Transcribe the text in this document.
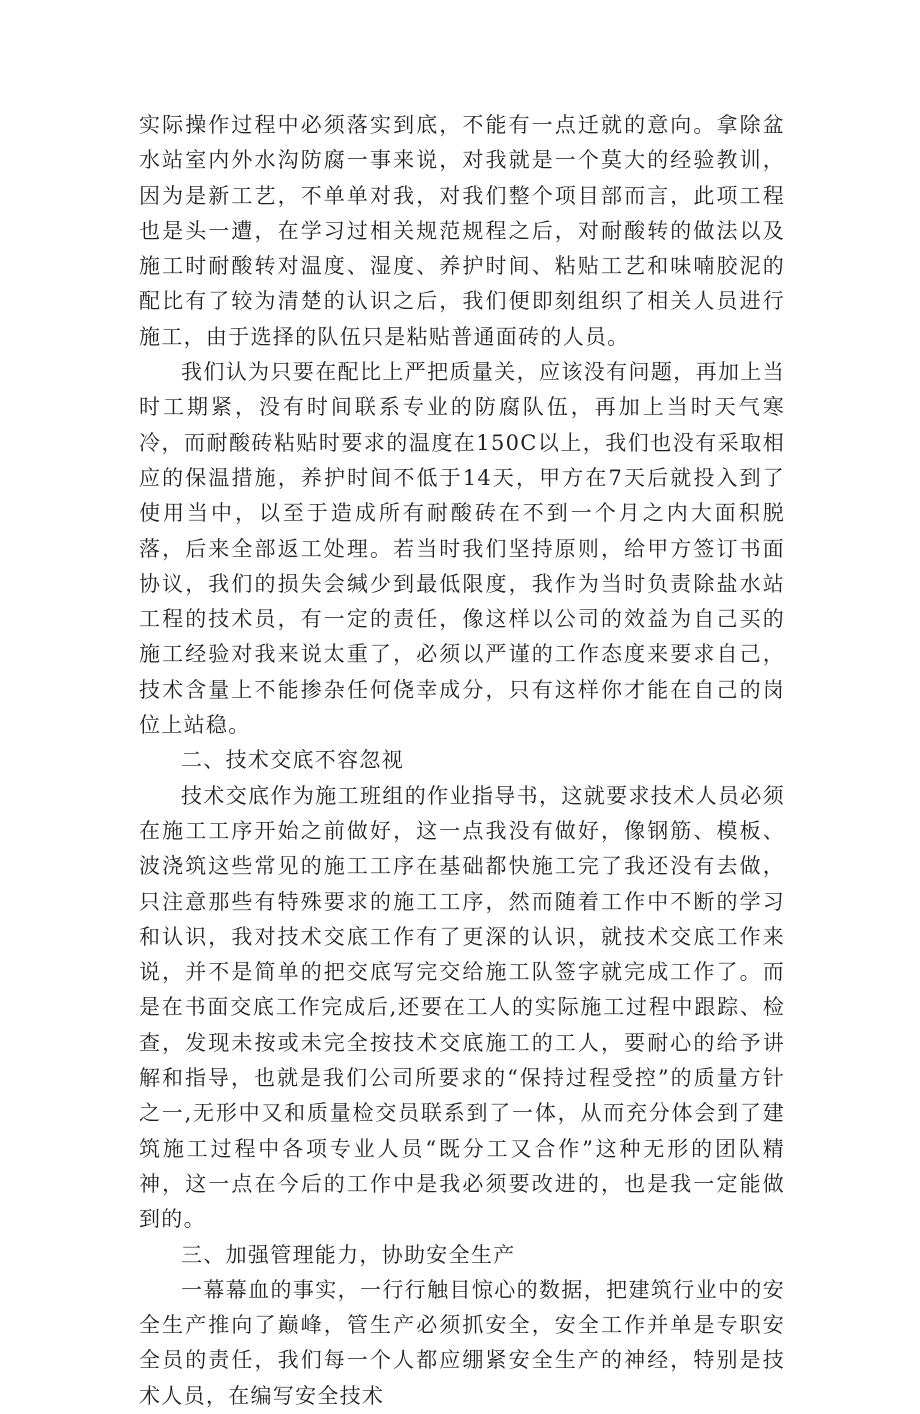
实际操作过程中必须落实到底，不能有一点迁就的意向。拿除盆水站室内外水沟防腐一事来说，对我就是一个莫大的经验教训，因为是新工艺，不单单对我，对我们整个项目部而言，此项工程也是头一遭，在学习过相关规范规程之后，对耐酸转的做法以及施工时耐酸转对温度、湿度、养护时间、粘贴工艺和味喃胶泥的配比有了较为清楚的认识之后，我们便即刻组织了相关人员进行施工，由于选择的队伍只是粘贴普通面砖的人员。

我们认为只要在配比上严把质量关，应该没有问题，再加上当时工期紧，没有时间联系专业的防腐队伍，再加上当时天气寒冷，而耐酸砖粘贴时要求的温度在150C以上，我们也没有采取相应的保温措施，养护时间不低于14天，甲方在7天后就投入到了使用当中，以至于造成所有耐酸砖在不到一个月之内大面积脱落，后来全部返工处理。若当时我们坚持原则，给甲方签订书面协议，我们的损失会缄少到最低限度，我作为当时负责除盐水站工程的技术员，有一定的责任，像这样以公司的效益为自己买的施工经验对我来说太重了，必须以严谨的工作态度来要求自己，技术含量上不能掺杂任何侥幸成分，只有这样你才能在自己的岗位上站稳。

二、技术交底不容忽视

技术交底作为施工班组的作业指导书，这就要求技术人员必须在施工工序开始之前做好，这一点我没有做好，像钢筋、模板、波浇筑这些常见的施工工序在基础都快施工完了我还没有去做，只注意那些有特殊要求的施工工序，然而随着工作中不断的学习和认识，我对技术交底工作有了更深的认识，就技术交底工作来说，并不是简单的把交底写完交给施工队签字就完成工作了。而是在书面交底工作完成后,还要在工人的实际施工过程中跟踪、检查，发现未按或未完全按技术交底施工的工人，要耐心的给予讲解和指导，也就是我们公司所要求的“保持过程受控”的质量方针之一,无形中又和质量检交员联系到了一体，从而充分体会到了建筑施工过程中各项专业人员“既分工又合作”这种无形的团队精神，这一点在今后的工作中是我必须要改进的，也是我一定能做到的。

三、加强管理能力，协助安全生产

一幕幕血的事实，一行行触目惊心的数据，把建筑行业中的安全生产推向了巅峰，管生产必须抓安全，安全工作并单是专职安全员的责任，我们每一个人都应绷紧安全生产的神经，特别是技术人员，在编写安全技术
